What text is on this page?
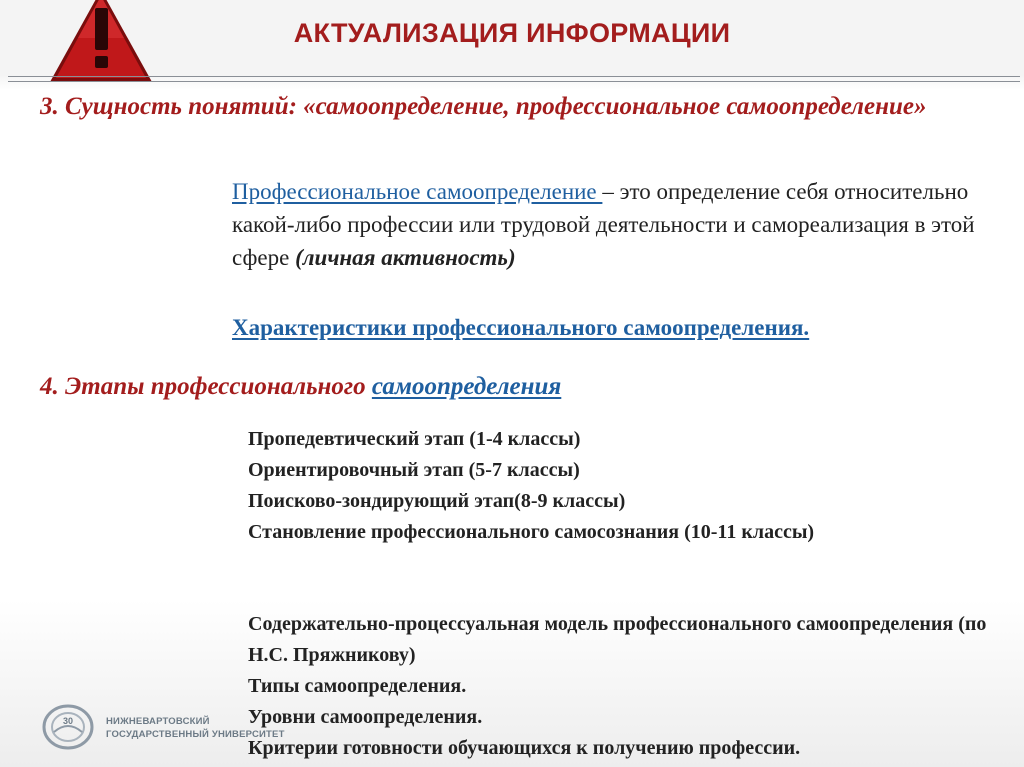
АКТУАЛИЗАЦИЯ ИНФОРМАЦИИ

3. Сущность понятий: «самоопределение, профессиональное самоопределение»

Профессиональное самоопределение – это определение себя относительно какой-либо профессии или трудовой деятельности и самореализация в этой сфере (личная активность)

Характеристики профессионального самоопределения.

4. Этапы профессионального самоопределения

Пропедевтический этап (1-4 классы)
Ориентировочный этап (5-7 классы)
Поисково-зондирующий этап(8-9 классы)
Становление профессионального самосознания (10-11 классы)
Содержательно-процессуальная модель профессионального самоопределения (по Н.С. Пряжникову)
Типы самоопределения.
Уровни самоопределения.
Критерии готовности обучающихся к получению профессии.
30	НИЖНЕВАРТОВСКИЙ
ГОСУДАРСТВЕННЫЙ УНИВЕРСИТЕТ
